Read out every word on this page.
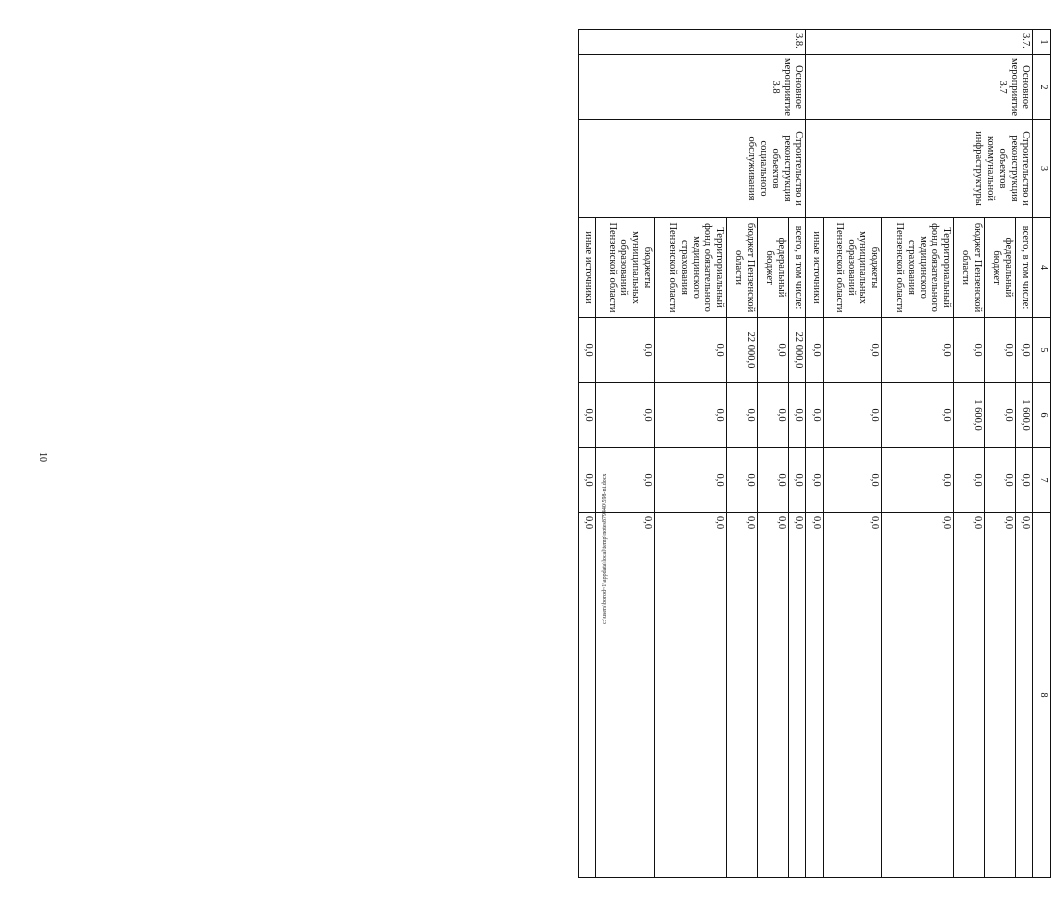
10
1	2	3	4	5	6	7	8
3.7.	Основное мероприятие 3.7	Строительство и реконструкция объектов коммунальной инфраструктуры	всего, в том числе:	0,0	1 600,0	0,0	0,0
			федеральный бюджет	0,0	0,0	0,0	0,0
			бюджет Пензенской области	0,0	1 600,0	0,0	0,0
			Территориальный фонд обязательного медицинского страхования Пензенской области	0,0	0,0	0,0	0,0
			бюджеты муниципальных образований Пензенской области	0,0	0,0	0,0	0,0
			иные источники	0,0	0,0	0,0	0,0
3.8.	Основное мероприятие 3.8	Строительство и реконструкция объектов социального обслуживания	всего, в том числе:	22 000,0	0,0	0,0	0,0
			федеральный бюджет	0,0	0,0	0,0	0,0
			бюджет Пензенской области	22 000,0	0,0	0,0	0,0
			Территориальный фонд обязательного медицинского страхования Пензенской области	0,0	0,0	0,0	0,0
			бюджеты муниципальных образований Пензенской области	0,0	0,0	0,0	0,0
			иные источники	0,0	0,0	0,0	0,0 c:\users\borod~1\appdata\local\temp\notes879440\598-ni.docx
